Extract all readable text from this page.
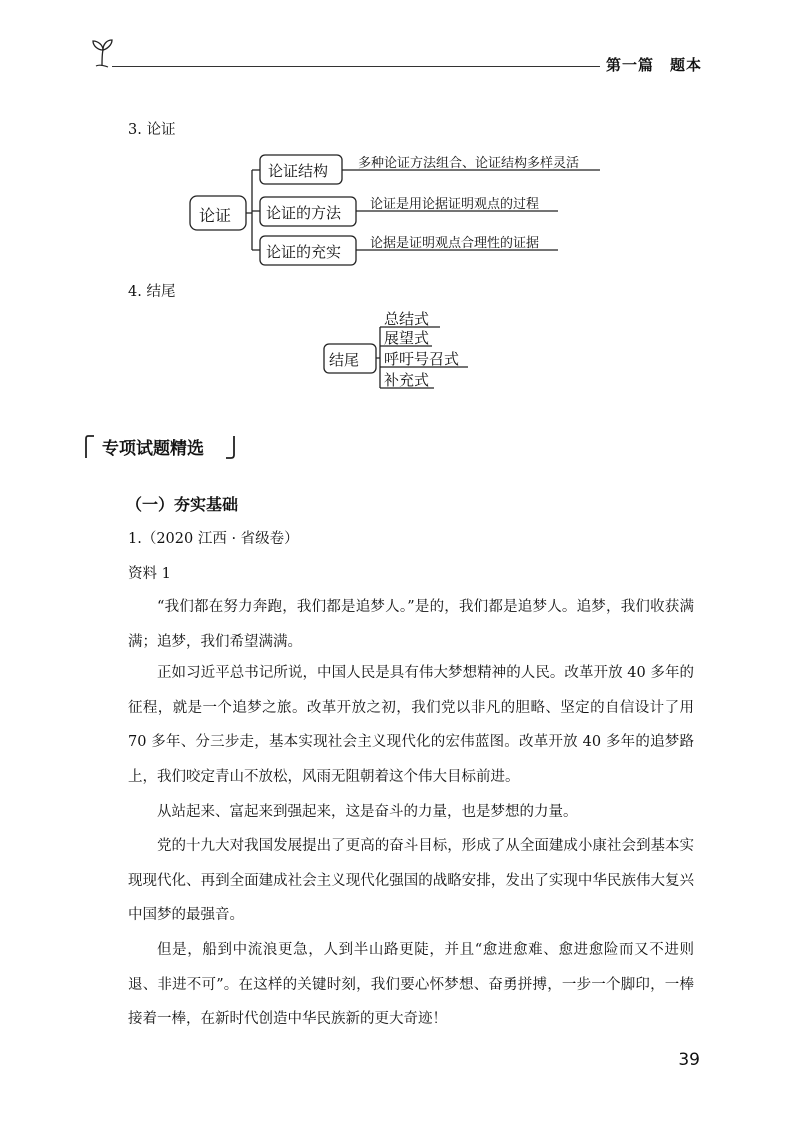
第一篇　题本
3. 论证
论证
论证结构
论证的方法
论证的充实
多种论证方法组合、论证结构多样灵活
论证是用论据证明观点的过程
论据是证明观点合理性的证据
4. 结尾
结尾
总结式
展望式
呼吁号召式
补充式
专项试题精选
（一）夯实基础
1.（2020 江西 · 省级卷）
资料 1
“我们都在努力奔跑，我们都是追梦人。”是的，我们都是追梦人。追梦，我们收获满满；追梦，我们希望满满。
正如习近平总书记所说，中国人民是具有伟大梦想精神的人民。改革开放 40 多年的征程，就是一个追梦之旅。改革开放之初，我们党以非凡的胆略、坚定的自信设计了用 70 多年、分三步走，基本实现社会主义现代化的宏伟蓝图。改革开放 40 多年的追梦路上，我们咬定青山不放松，风雨无阻朝着这个伟大目标前进。
从站起来、富起来到强起来，这是奋斗的力量，也是梦想的力量。
党的十九大对我国发展提出了更高的奋斗目标，形成了从全面建成小康社会到基本实现现代化、再到全面建成社会主义现代化强国的战略安排，发出了实现中华民族伟大复兴中国梦的最强音。
但是，船到中流浪更急，人到半山路更陡，并且“愈进愈难、愈进愈险而又不进则退、非进不可”。在这样的关键时刻，我们要心怀梦想、奋勇拼搏，一步一个脚印，一棒接着一棒，在新时代创造中华民族新的更大奇迹！
39
